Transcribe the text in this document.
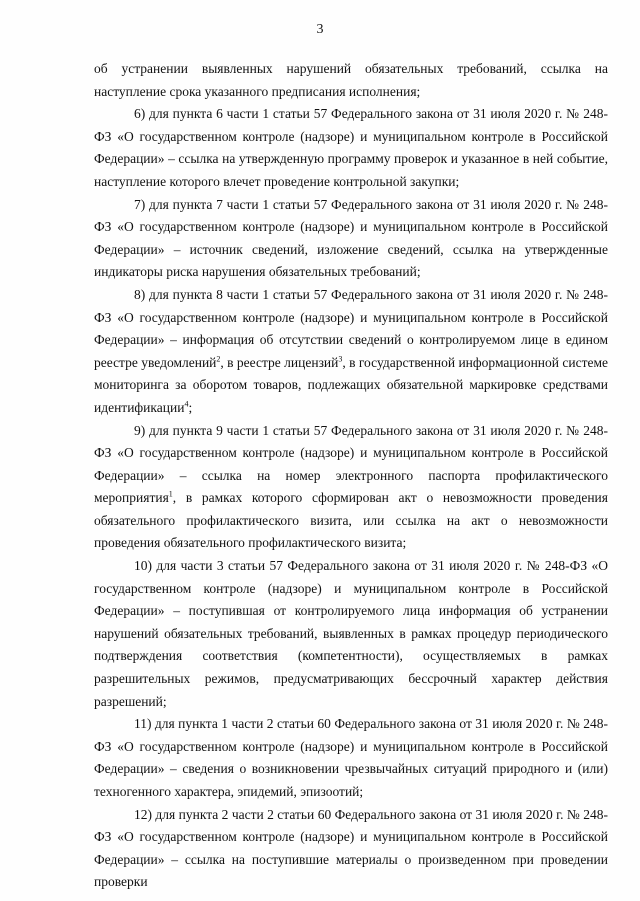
3

об устранении выявленных нарушений обязательных требований, ссылка на наступление срока указанного предписания исполнения;

6) для пункта 6 части 1 статьи 57 Федерального закона от 31 июля 2020 г. № 248-ФЗ «О государственном контроле (надзоре) и муниципальном контроле в Российской Федерации» – ссылка на утвержденную программу проверок и указанное в ней событие, наступление которого влечет проведение контрольной закупки;

7) для пункта 7 части 1 статьи 57 Федерального закона от 31 июля 2020 г. № 248-ФЗ «О государственном контроле (надзоре) и муниципальном контроле в Российской Федерации» – источник сведений, изложение сведений, ссылка на утвержденные индикаторы риска нарушения обязательных требований;

8) для пункта 8 части 1 статьи 57 Федерального закона от 31 июля 2020 г. № 248-ФЗ «О государственном контроле (надзоре) и муниципальном контроле в Российской Федерации» – информация об отсутствии сведений о контролируемом лице в едином реестре уведомлений$^2$, в реестре лицензий$^3$, в государственной информационной системе мониторинга за оборотом товаров, подлежащих обязательной маркировке средствами идентификации$^4$;

9) для пункта 9 части 1 статьи 57 Федерального закона от 31 июля 2020 г. № 248-ФЗ «О государственном контроле (надзоре) и муниципальном контроле в Российской Федерации» – ссылка на номер электронного паспорта профилактического мероприятия$^1$, в рамках которого сформирован акт о невозможности проведения обязательного профилактического визита, или ссылка на акт о невозможности проведения обязательного профилактического визита;

10) для части 3 статьи 57 Федерального закона от 31 июля 2020 г. № 248-ФЗ «О государственном контроле (надзоре) и муниципальном контроле в Российской Федерации» – поступившая от контролируемого лица информация об устранении нарушений обязательных требований, выявленных в рамках процедур периодического подтверждения соответствия (компетентности), осуществляемых в рамках разрешительных режимов, предусматривающих бессрочный характер действия разрешений;

11) для пункта 1 части 2 статьи 60 Федерального закона от 31 июля 2020 г. № 248-ФЗ «О государственном контроле (надзоре) и муниципальном контроле в Российской Федерации» – сведения о возникновении чрезвычайных ситуаций природного и (или) техногенного характера, эпидемий, эпизоотий;

12) для пункта 2 части 2 статьи 60 Федерального закона от 31 июля 2020 г. № 248-ФЗ «О государственном контроле (надзоре) и муниципальном контроле в Российской Федерации» – ссылка на поступившие материалы о произведенном при проведении проверки
